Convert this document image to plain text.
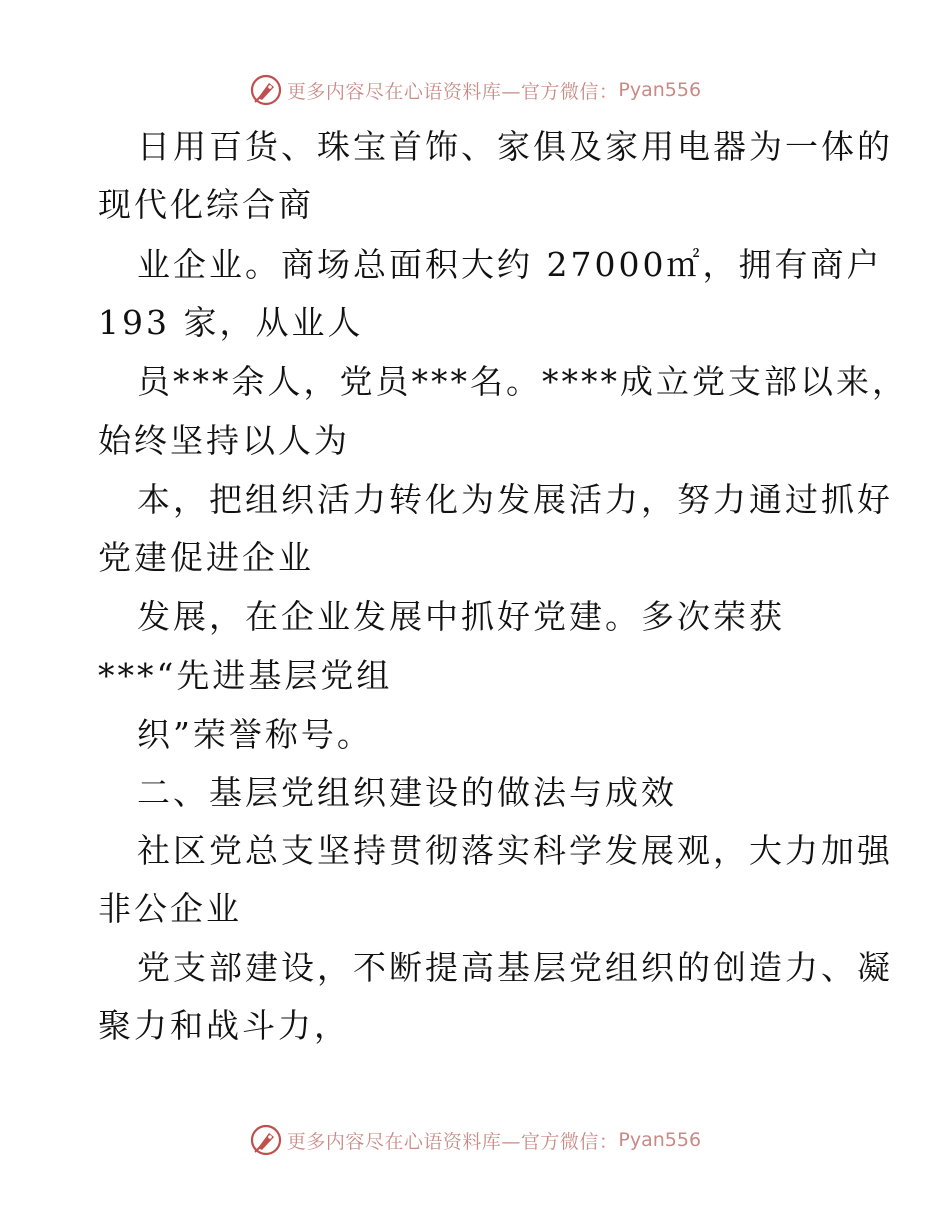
更多内容尽在心语资料库—官方微信： Pyan556
日用百货、珠宝首饰、家俱及家用电器为一体的
现代化综合商
业企业。商场总面积大约 27000㎡，拥有商户
193 家，从业人
员***余人，党员***名。****成立党支部以来，
始终坚持以人为
本，把组织活力转化为发展活力，努力通过抓好
党建促进企业
发展，在企业发展中抓好党建。多次荣获
***“先进基层党组
织”荣誉称号。
二、基层党组织建设的做法与成效
社区党总支坚持贯彻落实科学发展观，大力加强
非公企业
党支部建设，不断提高基层党组织的创造力、凝
聚力和战斗力，
更多内容尽在心语资料库—官方微信： Pyan556
